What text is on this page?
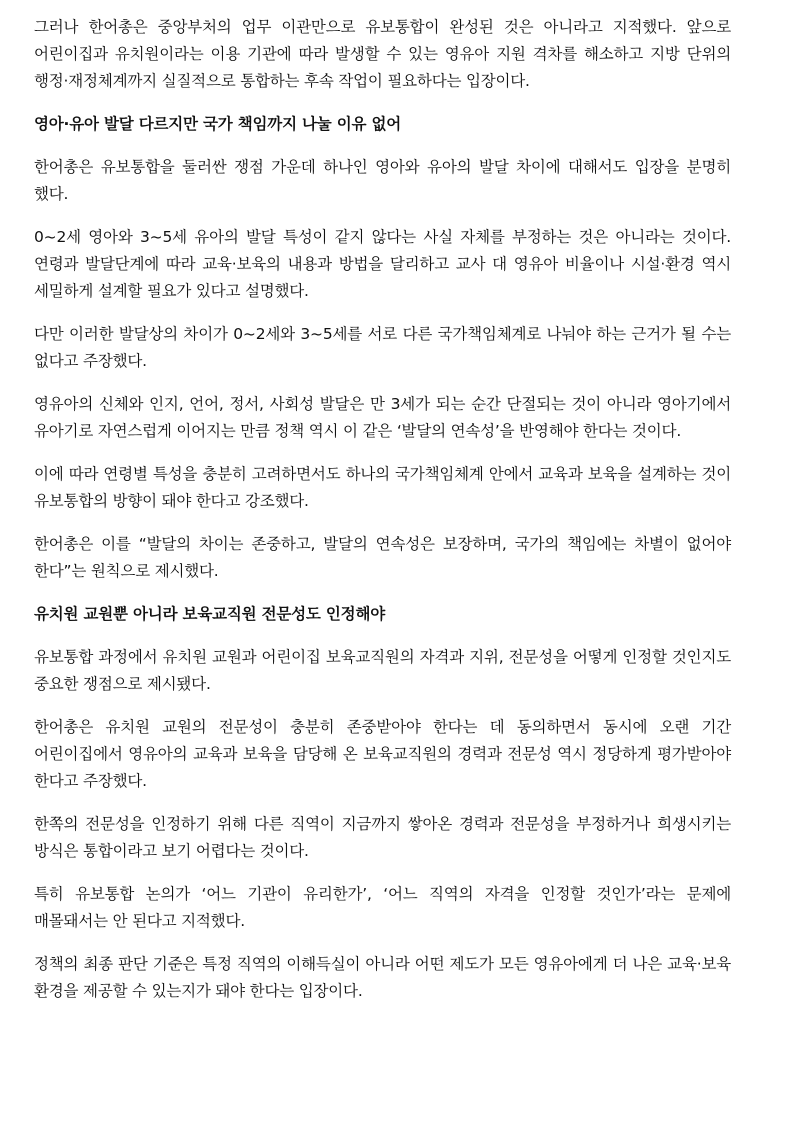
그러나 한어총은 중앙부처의 업무 이관만으로 유보통합이 완성된 것은 아니라고 지적했다. 앞으로 어린이집과 유치원이라는 이용 기관에 따라 발생할 수 있는 영유아 지원 격차를 해소하고 지방 단위의 행정·재정체계까지 실질적으로 통합하는 후속 작업이 필요하다는 입장이다.

영아·유아 발달 다르지만 국가 책임까지 나눌 이유 없어

한어총은 유보통합을 둘러싼 쟁점 가운데 하나인 영아와 유아의 발달 차이에 대해서도 입장을 분명히 했다.

0~2세 영아와 3~5세 유아의 발달 특성이 같지 않다는 사실 자체를 부정하는 것은 아니라는 것이다. 연령과 발달단계에 따라 교육·보육의 내용과 방법을 달리하고 교사 대 영유아 비율이나 시설·환경 역시 세밀하게 설계할 필요가 있다고 설명했다.

다만 이러한 발달상의 차이가 0~2세와 3~5세를 서로 다른 국가책임체계로 나눠야 하는 근거가 될 수는 없다고 주장했다.

영유아의 신체와 인지, 언어, 정서, 사회성 발달은 만 3세가 되는 순간 단절되는 것이 아니라 영아기에서 유아기로 자연스럽게 이어지는 만큼 정책 역시 이 같은 ‘발달의 연속성’을 반영해야 한다는 것이다.

이에 따라 연령별 특성을 충분히 고려하면서도 하나의 국가책임체계 안에서 교육과 보육을 설계하는 것이 유보통합의 방향이 돼야 한다고 강조했다.

한어총은 이를 “발달의 차이는 존중하고, 발달의 연속성은 보장하며, 국가의 책임에는 차별이 없어야 한다”는 원칙으로 제시했다.

유치원 교원뿐 아니라 보육교직원 전문성도 인정해야

유보통합 과정에서 유치원 교원과 어린이집 보육교직원의 자격과 지위, 전문성을 어떻게 인정할 것인지도 중요한 쟁점으로 제시됐다.

한어총은 유치원 교원의 전문성이 충분히 존중받아야 한다는 데 동의하면서 동시에 오랜 기간 어린이집에서 영유아의 교육과 보육을 담당해 온 보육교직원의 경력과 전문성 역시 정당하게 평가받아야 한다고 주장했다.

한쪽의 전문성을 인정하기 위해 다른 직역이 지금까지 쌓아온 경력과 전문성을 부정하거나 희생시키는 방식은 통합이라고 보기 어렵다는 것이다.

특히 유보통합 논의가 ‘어느 기관이 유리한가’, ‘어느 직역의 자격을 인정할 것인가’라는 문제에 매몰돼서는 안 된다고 지적했다.

정책의 최종 판단 기준은 특정 직역의 이해득실이 아니라 어떤 제도가 모든 영유아에게 더 나은 교육·보육 환경을 제공할 수 있는지가 돼야 한다는 입장이다.
